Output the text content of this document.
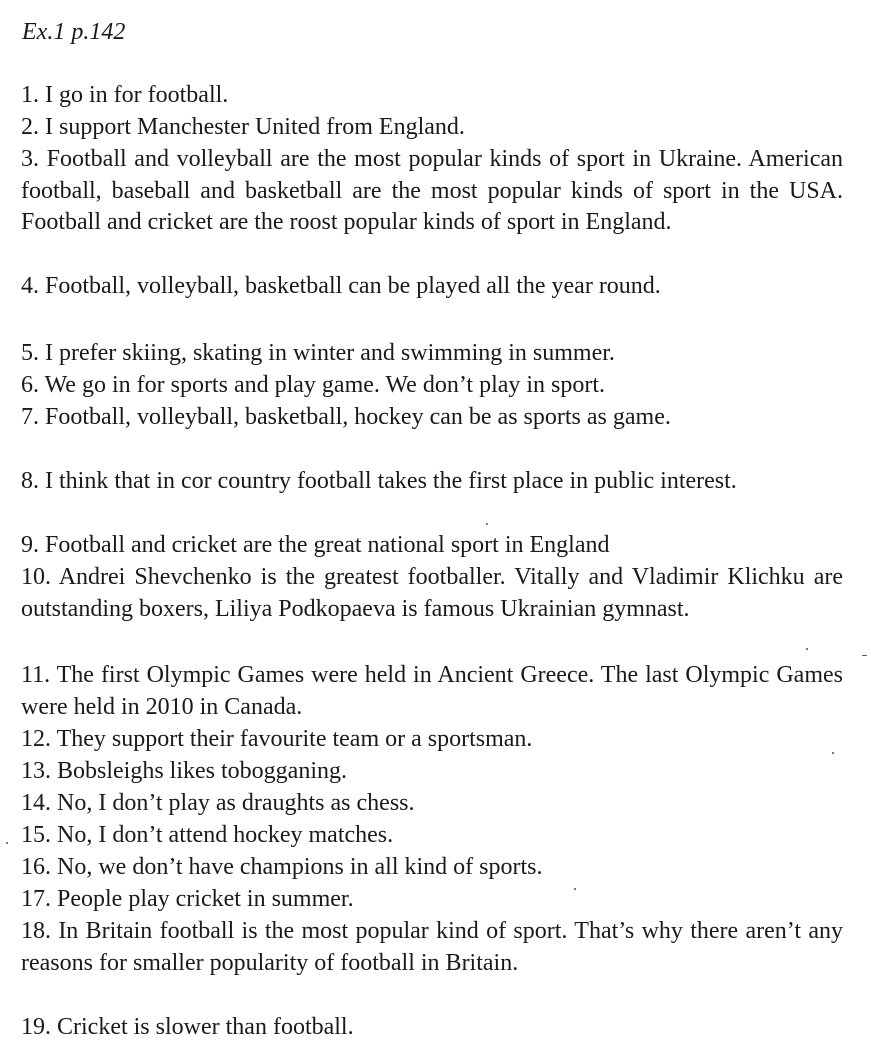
Ex.1 p.142
1. I go in for football.
2. I support Manchester United from England.
3. Football and volleyball are the most popular kinds of sport in Ukraine. American football, baseball and basketball are the most popular kinds of sport in the USA. Football and cricket are the roost popular kinds of sport in England.
4. Football, volleyball, basketball can be played all the year round.
5. I prefer skiing, skating in winter and swimming in summer.
6. We go in for sports and play game. We don’t play in sport.
7. Football, volleyball, basketball, hockey can be as sports as game.
8. I think that in cor country football takes the first place in public interest.
9. Football and cricket are the great national sport in England
10. Andrei Shevchenko is the greatest footballer. Vitally and Vladimir Klichku are outstanding boxers, Liliya Podkopaeva is famous Ukrainian gymnast.
11. The first Olympic Games were held in Ancient Greece. The last Olympic Games were held in 2010 in Canada.
12. They support their favourite team or a sportsman.
13. Bobsleighs likes tobogganing.
14. No, I don’t play as draughts as chess.
15. No, I don’t attend hockey matches.
16. No, we don’t have champions in all kind of sports.
17. People play cricket in summer.
18. In Britain football is the most popular kind of sport. That’s why there aren’t any reasons for smaller popularity of football in Britain.
19. Cricket is slower than football.
